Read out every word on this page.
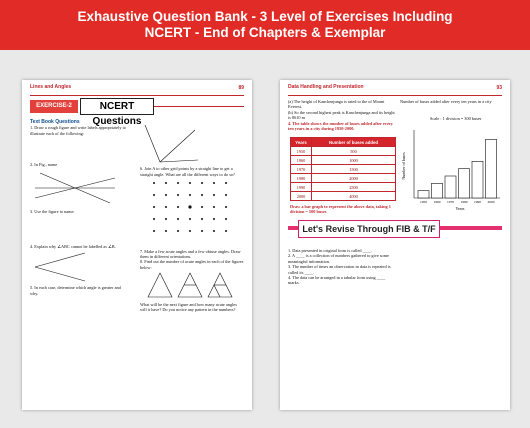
Exhaustive Question Bank - 3 Level of Exercises Including
NCERT - End of Chapters & Exemplar
Lines and Angles	89
EXERCISE-2	NCERT Questions
Text Book Questions

1. Draw a rough figure and write labels appropriately to illustrate each of the following:

2. In Fig., name

3. Use the figure to name:

4. Explain why ∠ABC cannot be labelled as ∠B.

5. In each case, determine which angle is greater and why.

6. Join A to other grid points by a straight line to get a straight angle. What are all the different ways to do so?

7. Make a few acute angles and a few obtuse angles. Draw them in different orientations.

8. Find out the number of acute angles in each of the figures below:

What will be the next figure and how many acute angles will it have? Do you notice any pattern in the numbers?

Data Handling and Presentation	93

(a) The height of Kanchenjunga is rated to the of Mount Everest.

(b) So the second highest peak is Kanchenjunga and its height is 8610 m

4. The table shows the number of buses added after every ten years in a city during 1950-2000.

Years	Number of buses added
1950	500
1960	1000
1970	1500
1980	2000
1990	2500
2000	4000
Draw a bar graph to represent the above data, taking 1 division = 500 buses
Number of buses added after every ten years in a city
Scale : 1 division = 300 buses
1950 1960 1970 1980 1990 2000
Years
Number of buses
Let's Revise Through FIB & T/F

1. Data presented in original form is called ____.

2. A ____ is a collection of numbers gathered to give some meaningful information.

3. The number of times an observation in data is repeated is called its ____.

4. The data can be arranged in a tabular form using ____ marks.
